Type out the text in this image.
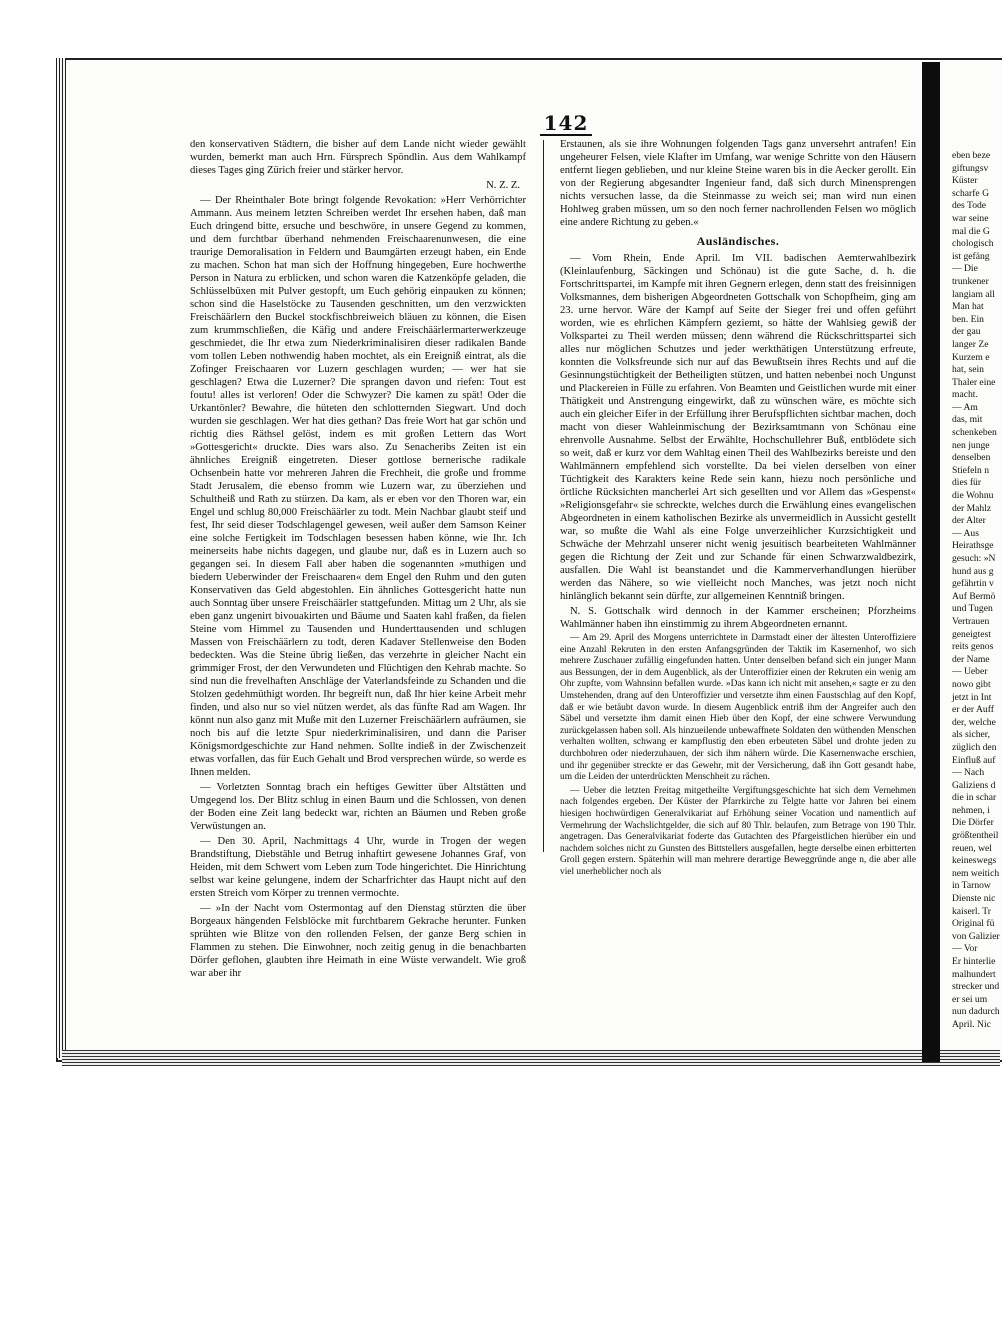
142

den konservativen Städtern, die bisher auf dem Lande nicht wieder gewählt wurden, bemerkt man auch Hrn. Fürsprech Spöndlin. Aus dem Wahlkampf dieses Tages ging Zürich freier und stärker hervor.

N. Z. Z.

— Der Rheinthaler Bote bringt folgende Revokation: »Herr Verhörrichter Ammann. Aus meinem letzten Schreiben werdet Ihr ersehen haben, daß man Euch dringend bitte, ersuche und beschwöre, in unsere Gegend zu kommen, und dem furchtbar überhand nehmenden Freischaarenunwesen, die eine traurige Demoralisation in Feldern und Baumgärten erzeugt haben, ein Ende zu machen. Schon hat man sich der Hoffnung hingegeben, Eure hochwerthe Person in Natura zu erblicken, und schon waren die Katzenköpfe geladen, die Schlüsselbüxen mit Pulver gestopft, um Euch gehörig einpauken zu können; schon sind die Haselstöcke zu Tausenden geschnitten, um den verzwickten Freischäärlern den Buckel stockfischbreiweich bläuen zu können, die Eisen zum krummschließen, die Käfig und andere Freischäärlermarterwerkzeuge geschmiedet, die Ihr etwa zum Niederkriminalisiren dieser radikalen Bande vom tollen Leben nothwendig haben mochtet, als ein Ereigniß eintrat, als die Zofinger Freischaaren vor Luzern geschlagen wurden; — wer hat sie geschlagen? Etwa die Luzerner? Die sprangen davon und riefen: Tout est foutu! alles ist verloren! Oder die Schwyzer? Die kamen zu spät! Oder die Urkantönler? Bewahre, die hüteten den schlotternden Siegwart. Und doch wurden sie geschlagen. Wer hat dies gethan? Das freie Wort hat gar schön und richtig dies Räthsel gelöst, indem es mit großen Lettern das Wort »Gottesgericht« druckte. Dies wars also. Zu Senacheribs Zeiten ist ein ähnliches Ereigniß eingetreten. Dieser gottlose bernerische radikale Ochsenbein hatte vor mehreren Jahren die Frechheit, die große und fromme Stadt Jerusalem, die ebenso fromm wie Luzern war, zu überziehen und Schultheiß und Rath zu stürzen. Da kam, als er eben vor den Thoren war, ein Engel und schlug 80,000 Freischäärler zu todt. Mein Nachbar glaubt steif und fest, Ihr seid dieser Todschlagengel gewesen, weil außer dem Samson Keiner eine solche Fertigkeit im Todschlagen besessen haben könne, wie Ihr. Ich meinerseits habe nichts dagegen, und glaube nur, daß es in Luzern auch so gegangen sei. In diesem Fall aber haben die sogenannten »muthigen und biedern Ueberwinder der Freischaaren« dem Engel den Ruhm und den guten Konservativen das Geld abgestohlen. Ein ähnliches Gottesgericht hatte nun auch Sonntag über unsere Freischäärler stattgefunden. Mittag um 2 Uhr, als sie eben ganz ungenirt bivouakirten und Bäume und Saaten kahl fraßen, da fielen Steine vom Himmel zu Tausenden und Hunderttausenden und schlugen Massen von Freischäärlern zu todt, deren Kadaver Stellenweise den Boden bedeckten. Was die Steine übrig ließen, das verzehrte in gleicher Nacht ein grimmiger Frost, der den Verwundeten und Flüchtigen den Kehrab machte. So sind nun die frevelhaften Anschläge der Vaterlandsfeinde zu Schanden und die Stolzen gedehmüthigt worden. Ihr begreift nun, daß Ihr hier keine Arbeit mehr finden, und also nur so viel nützen werdet, als das fünfte Rad am Wagen. Ihr könnt nun also ganz mit Muße mit den Luzerner Freischäärlern aufräumen, sie noch bis auf die letzte Spur niederkriminalisiren, und dann die Pariser Königsmordgeschichte zur Hand nehmen. Sollte indieß in der Zwischenzeit etwas vorfallen, das für Euch Gehalt und Brod versprechen würde, so werde es Ihnen melden.

— Vorletzten Sonntag brach ein heftiges Gewitter über Altstätten und Umgegend los. Der Blitz schlug in einen Baum und die Schlossen, von denen der Boden eine Zeit lang bedeckt war, richten an Bäumen und Reben große Verwüstungen an.

— Den 30. April, Nachmittags 4 Uhr, wurde in Trogen der wegen Brandstiftung, Diebstähle und Betrug inhaftirt gewesene Johannes Graf, von Heiden, mit dem Schwert vom Leben zum Tode hingerichtet. Die Hinrichtung selbst war keine gelungene, indem der Scharfrichter das Haupt nicht auf den ersten Streich vom Körper zu trennen vermochte.

— »In der Nacht vom Ostermontag auf den Dienstag stürzten die über Borgeaux hängenden Felsblöcke mit furchtbarem Gekrache herunter. Funken sprühten wie Blitze von den rollenden Felsen, der ganze Berg schien in Flammen zu stehen. Die Einwohner, noch zeitig genug in die benachbarten Dörfer geflohen, glaubten ihre Heimath in eine Wüste verwandelt. Wie groß war aber ihr

Erstaunen, als sie ihre Wohnungen folgenden Tags ganz unversehrt antrafen! Ein ungeheurer Felsen, viele Klafter im Umfang, war wenige Schritte von den Häusern entfernt liegen geblieben, und nur kleine Steine waren bis in die Aecker gerollt. Ein von der Regierung abgesandter Ingenieur fand, daß sich durch Minensprengen nichts versuchen lasse, da die Steinmasse zu weich sei; man wird nun einen Hohlweg graben müssen, um so den noch ferner nachrollenden Felsen wo möglich eine andere Richtung zu geben.«

Ausländisches.

— Vom Rhein, Ende April. Im VII. badischen Aemterwahlbezirk (Kleinlaufenburg, Säckingen und Schönau) ist die gute Sache, d. h. die Fortschrittspartei, im Kampfe mit ihren Gegnern erlegen, denn statt des freisinnigen Volksmannes, dem bisherigen Abgeordneten Gottschalk von Schopfheim, ging am 23. urne hervor. Wäre der Kampf auf Seite der Sieger frei und offen geführt worden, wie es ehrlichen Kämpfern geziemt, so hätte der Wahlsieg gewiß der Volkspartei zu Theil werden müssen; denn während die Rückschrittspartei sich alles nur möglichen Schutzes und jeder werkthätigen Unterstützung erfreute, konnten die Volksfreunde sich nur auf das Bewußtsein ihres Rechts und auf die Gesinnungstüchtigkeit der Betheiligten stützen, und hatten nebenbei noch Ungunst und Plackereien in Fülle zu erfahren. Von Beamten und Geistlichen wurde mit einer Thätigkeit und Anstrengung eingewirkt, daß zu wünschen wäre, es möchte sich auch ein gleicher Eifer in der Erfüllung ihrer Berufspflichten sichtbar machen, doch macht von dieser Wahleinmischung der Bezirksamtmann von Schönau eine ehrenvolle Ausnahme. Selbst der Erwählte, Hochschullehrer Buß, entblödete sich so weit, daß er kurz vor dem Wahltag einen Theil des Wahlbezirks bereiste und den Wahlmännern empfehlend sich vorstellte. Da bei vielen derselben von einer Tüchtigkeit des Karakters keine Rede sein kann, hiezu noch persönliche und örtliche Rücksichten mancherlei Art sich gesellten und vor Allem das »Gespenst« »Religionsgefahr« sie schreckte, welches durch die Erwählung eines evangelischen Abgeordneten in einem katholischen Bezirke als unvermeidlich in Aussicht gestellt war, so mußte die Wahl als eine Folge unverzeihlicher Kurzsichtigkeit und Schwäche der Mehrzahl unserer nicht wenig jesuitisch bearbeiteten Wahlmänner gegen die Richtung der Zeit und zur Schande für einen Schwarzwaldbezirk, ausfallen. Die Wahl ist beanstandet und die Kammerverhandlungen hierüber werden das Nähere, so wie vielleicht noch Manches, was jetzt noch nicht hinlänglich bekannt sein dürfte, zur allgemeinen Kenntniß bringen.

N. S. Gottschalk wird dennoch in der Kammer erscheinen; Pforzheims Wahlmänner haben ihn einstimmig zu ihrem Abgeordneten ernannt.

— Am 29. April des Morgens unterrichtete in Darmstadt einer der ältesten Unteroffiziere eine Anzahl Rekruten in den ersten Anfangsgründen der Taktik im Kasernenhof, wo sich mehrere Zuschauer zufällig eingefunden hatten. Unter denselben befand sich ein junger Mann aus Bessungen, der in dem Augenblick, als der Unteroffizier einen der Rekruten ein wenig am Ohr zupfte, vom Wahnsinn befallen wurde. »Das kann ich nicht mit ansehen,« sagte er zu den Umstehenden, drang auf den Unteroffizier und versetzte ihm einen Faustschlag auf den Kopf, daß er wie betäubt davon wurde. In diesem Augenblick entriß ihm der Angreifer auch den Säbel und versetzte ihm damit einen Hieb über den Kopf, der eine schwere Verwundung zurückgelassen haben soll. Als hinzueilende unbewaffnete Soldaten den wüthenden Menschen verhalten wollten, schwang er kampflustig den eben erbeuteten Säbel und drohte jeden zu durchbohren oder niederzuhauen, der sich ihm nähern würde. Die Kasernenwache erschien, und ihr gegenüber streckte er das Gewehr, mit der Versicherung, daß ihn Gott gesandt habe, um die Leiden der unterdrückten Menschheit zu rächen.

— Ueber die letzten Freitag mitgetheilte Vergiftungsgeschichte hat sich dem Vernehmen nach folgendes ergeben. Der Küster der Pfarrkirche zu Telgte hatte vor Jahren bei einem hiesigen hochwürdigen Generalvikariat auf Erhöhung seiner Vocation und namentlich auf Vermehrung der Wachslichtgelder, die sich auf 80 Thlr. belaufen, zum Betrage von 190 Thlr. angetragen. Das Generalvikariat foderte das Gutachten des Pfargeistlichen hierüber ein und nachdem solches nicht zu Gunsten des Bittstellers ausgefallen, hegte derselbe einen erbitterten Groll gegen erstern. Späterhin will man mehrere derartige Beweggründe ange n, die aber alle viel unerheblicher noch als

eben beze
giftungsv
Küster
scharfe G
des Tode
war seine
mal die G
chologisch
ist gefäng
— Die
trunkener
langiam all
Man hat
ben. Ein
der gau
langer Ze
Kurzem e
hat, sein
Thaler eine
macht.
— Am
das, mit
schenkeben
nen junge
denselben
Stiefeln n
dies für
die Wohnu
der Mahlz
der Alter
— Aus
Heirathsge
gesuch: »N
hund aus g
gefährtin v
Auf Bermö
und Tugen
Vertrauen
geneigtest
reits genos
der Name
— Ueber
nowo gibt
jetzt in Int
er der Auff
der, welche
als sicher,
züglich den
Einfluß auf
— Nach
Galiziens d
die in schar
nehmen, i
Die Dörfer
größtentheil
reuen, wel
keineswegs
nem weitich
in Tarnow
Dienste nic
kaiserl. Tr
Original fü
von Galizier
— Vor
Er hinterlie
malhundert
strecker und
er sei um
nun dadurch
April. Nic
